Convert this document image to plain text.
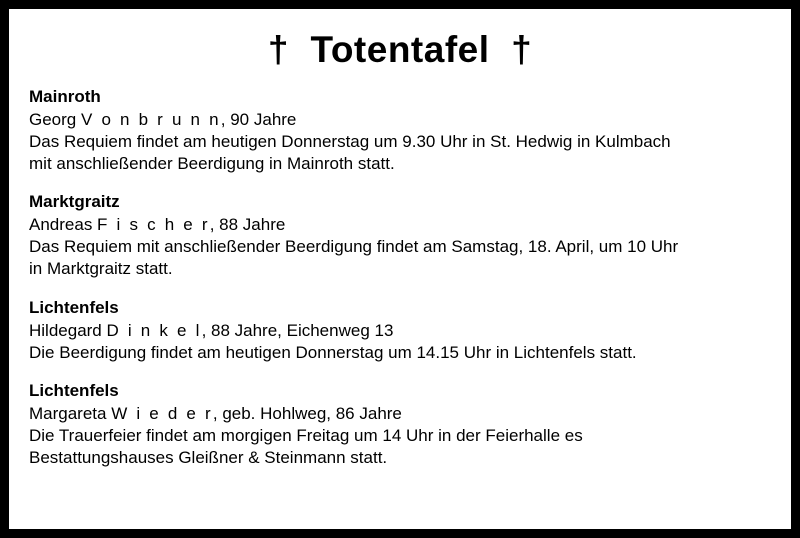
†  Totentafel  †
Mainroth
Georg V o n b r u n n, 90 Jahre
Das Requiem findet am heutigen Donnerstag um 9.30 Uhr in St. Hedwig in Kulmbach
mit anschließender Beerdigung in Mainroth statt.
Marktgraitz
Andreas F i s c h e r, 88 Jahre
Das Requiem mit anschließender Beerdigung findet am Samstag, 18. April, um 10 Uhr
in Marktgraitz statt.
Lichtenfels
Hildegard D i n k e l, 88 Jahre, Eichenweg 13
Die Beerdigung findet am heutigen Donnerstag um 14.15 Uhr in Lichtenfels statt.
Lichtenfels
Margareta W i e d e r, geb. Hohlweg, 86 Jahre
Die Trauerfeier findet am morgigen Freitag um 14 Uhr in der Feierhalle es
Bestattungshauses Gleißner & Steinmann statt.
